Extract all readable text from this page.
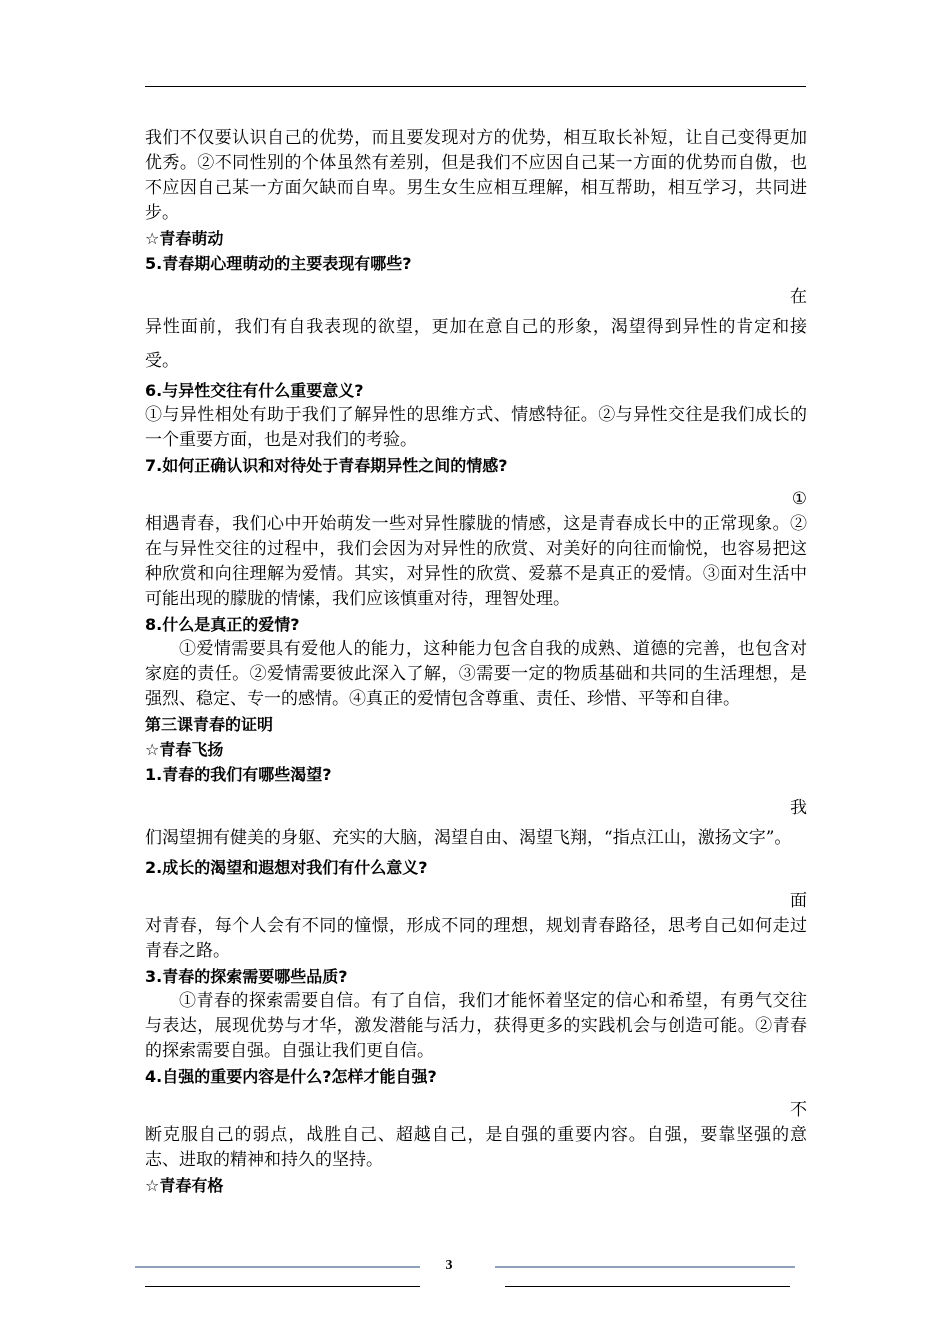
我们不仅要认识自己的优势，而且要发现对方的优势，相互取长补短，让自己变得更加优秀。②不同性别的个体虽然有差别，但是我们不应因自己某一方面的优势而自傲，也不应因自己某一方面欠缺而自卑。男生女生应相互理解，相互帮助，相互学习，共同进步。

☆青春萌动

5.青春期心理萌动的主要表现有哪些?

在

异性面前，我们有自我表现的欲望，更加在意自己的形象，渴望得到异性的肯定和接受。

6.与异性交往有什么重要意义?

①与异性相处有助于我们了解异性的思维方式、情感特征。②与异性交往是我们成长的一个重要方面，也是对我们的考验。

7.如何正确认识和对待处于青春期异性之间的情感?

①

相遇青春，我们心中开始萌发一些对异性朦胧的情感，这是青春成长中的正常现象。②在与异性交往的过程中，我们会因为对异性的欣赏、对美好的向往而愉悦，也容易把这种欣赏和向往理解为爱情。其实，对异性的欣赏、爱慕不是真正的爱情。③面对生活中可能出现的朦胧的情愫，我们应该慎重对待，理智处理。

8.什么是真正的爱情?

①爱情需要具有爱他人的能力，这种能力包含自我的成熟、道德的完善，也包含对家庭的责任。②爱情需要彼此深入了解，③需要一定的物质基础和共同的生活理想，是强烈、稳定、专一的感情。④真正的爱情包含尊重、责任、珍惜、平等和自律。

第三课青春的证明

☆青春飞扬

1.青春的我们有哪些渴望?

我

们渴望拥有健美的身躯、充实的大脑，渴望自由、渴望飞翔，“指点江山，激扬文字”。

2.成长的渴望和遐想对我们有什么意义?

面

对青春，每个人会有不同的憧憬，形成不同的理想，规划青春路径，思考自己如何走过青春之路。

3.青春的探索需要哪些品质?

①青春的探索需要自信。有了自信，我们才能怀着坚定的信心和希望，有勇气交往与表达，展现优势与才华，激发潜能与活力，获得更多的实践机会与创造可能。②青春的探索需要自强。自强让我们更自信。

4.自强的重要内容是什么?怎样才能自强?

不

断克服自己的弱点，战胜自己、超越自己，是自强的重要内容。自强，要靠坚强的意志、进取的精神和持久的坚持。

☆青春有格

3
